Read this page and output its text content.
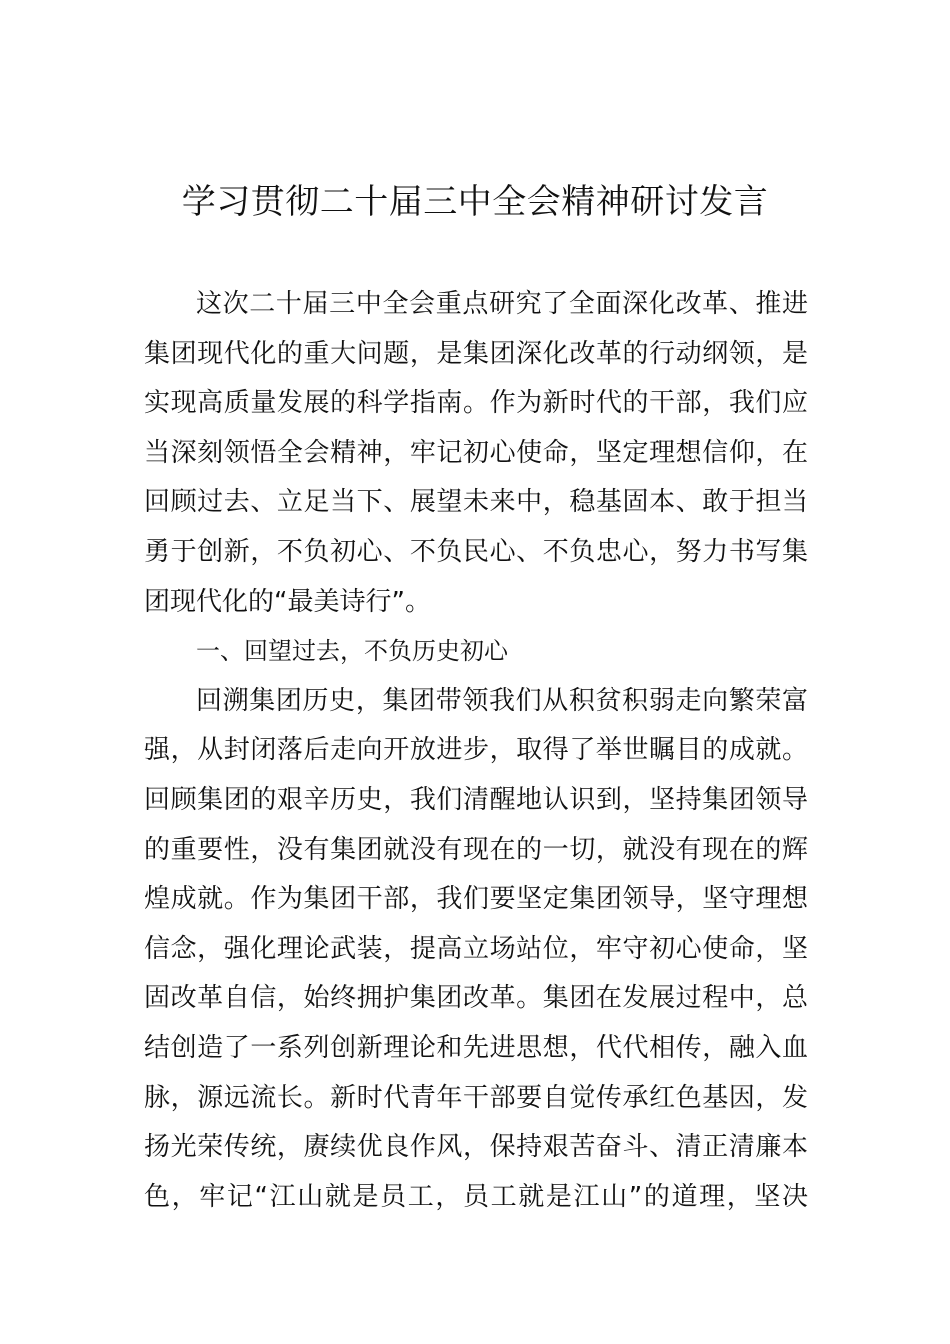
学习贯彻二十届三中全会精神研讨发言
这次二十届三中全会重点研究了全面深化改革、推进
集团现代化的重大问题，是集团深化改革的行动纲领，是
实现高质量发展的科学指南。作为新时代的干部，我们应
当深刻领悟全会精神，牢记初心使命，坚定理想信仰，在
回顾过去、立足当下、展望未来中，稳基固本、敢于担当
勇于创新，不负初心、不负民心、不负忠心，努力书写集
团现代化的“最美诗行”。
一、回望过去，不负历史初心
回溯集团历史，集团带领我们从积贫积弱走向繁荣富
强，从封闭落后走向开放进步，取得了举世瞩目的成就。
回顾集团的艰辛历史，我们清醒地认识到，坚持集团领导
的重要性，没有集团就没有现在的一切，就没有现在的辉
煌成就。作为集团干部，我们要坚定集团领导，坚守理想
信念，强化理论武装，提高立场站位，牢守初心使命，坚
固改革自信，始终拥护集团改革。集团在发展过程中，总
结创造了一系列创新理论和先进思想，代代相传，融入血
脉，源远流长。新时代青年干部要自觉传承红色基因，发
扬光荣传统，赓续优良作风，保持艰苦奋斗、清正清廉本
色，牢记“江山就是员工，员工就是江山”的道理，坚决
